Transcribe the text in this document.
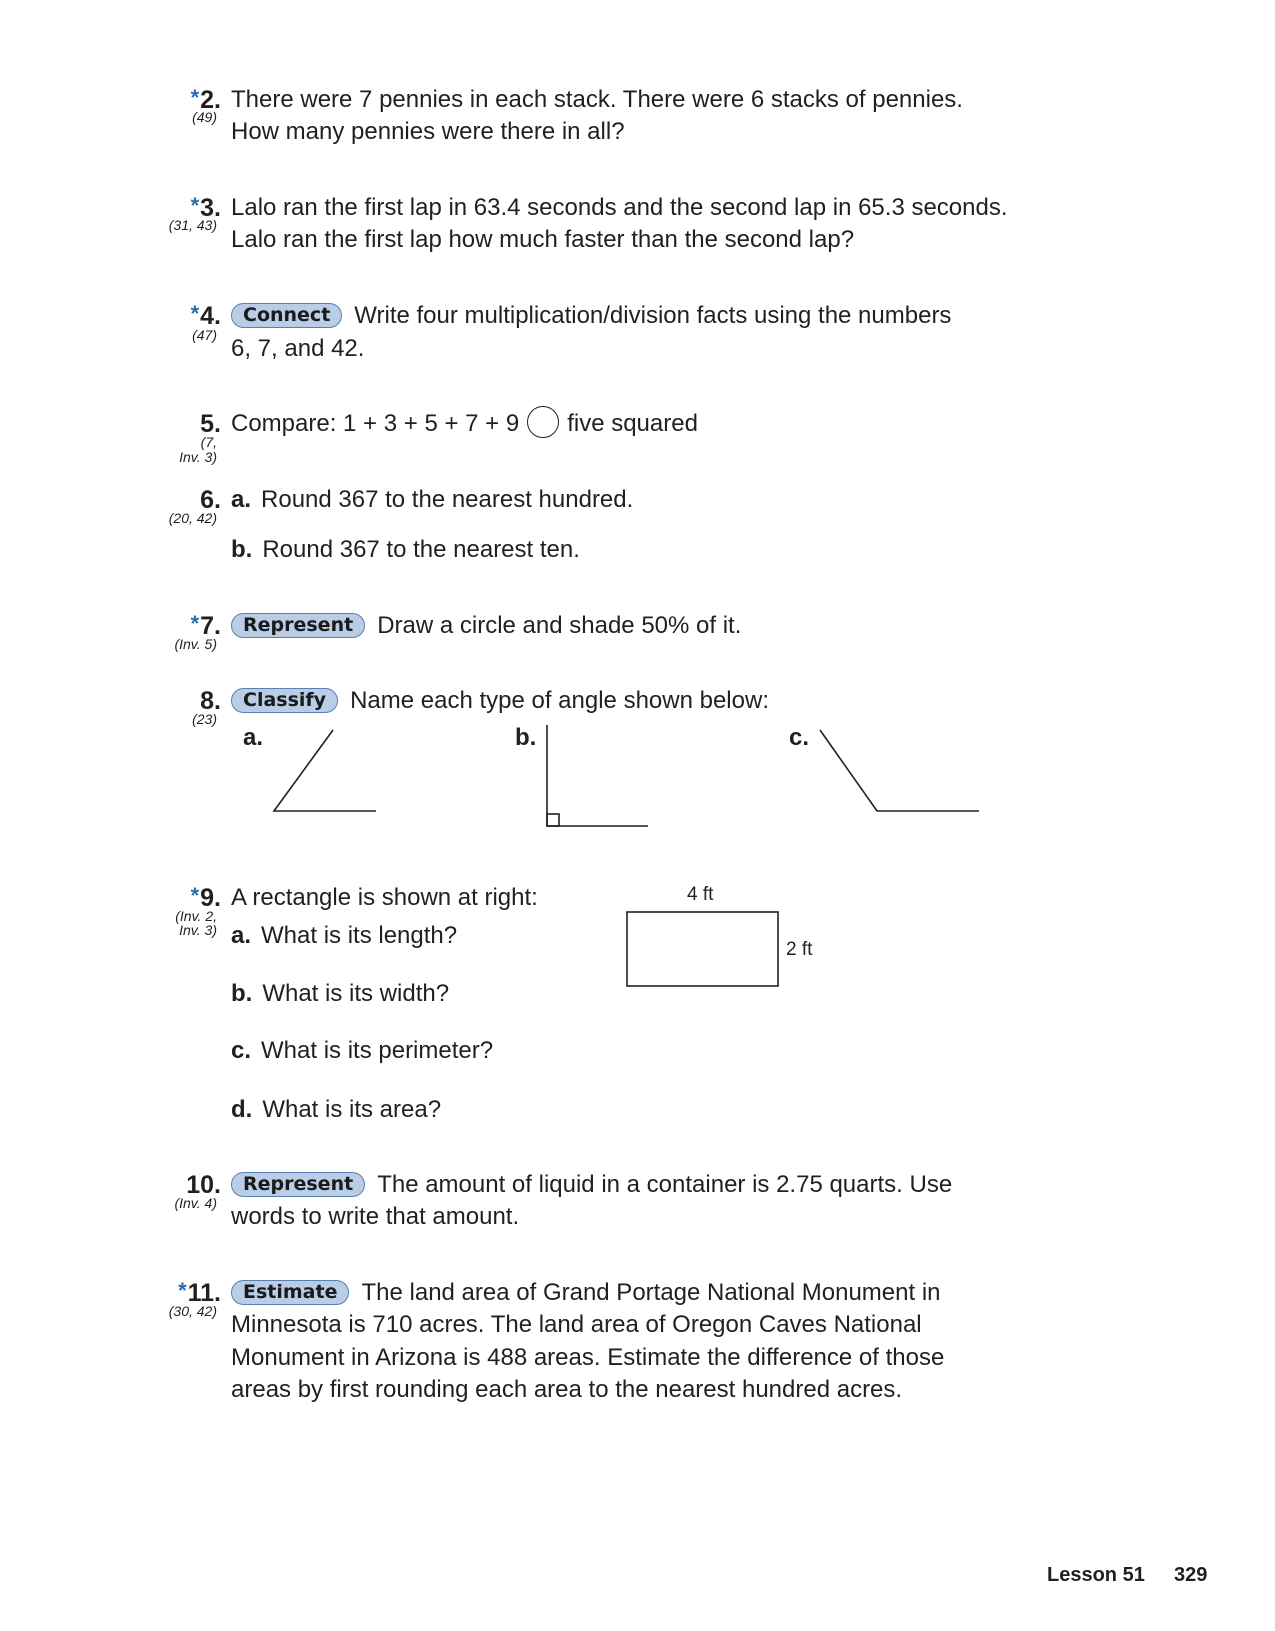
*2.
(49)
There were 7 pennies in each stack. There were 6 stacks of pennies.
How many pennies were there in all?
*3.
(31, 43)
Lalo ran the first lap in 63.4 seconds and the second lap in 65.3 seconds.
Lalo ran the first lap how much faster than the second lap?
*4.
(47)
Connect Write four multiplication/division facts using the numbers
6, 7, and 42.
5.
(7,
Inv. 3)
Compare: 1 + 3 + 5 + 7 + 9 five squared
6.
(20, 42)
a. Round 367 to the nearest hundred.
b. Round 367 to the nearest ten.
*7.
(Inv. 5)
Represent Draw a circle and shade 50% of it.
8.
(23)
Classify Name each type of angle shown below:
a.	b.	c.
*9.
(Inv. 2,
Inv. 3)
A rectangle is shown at right:
a. What is its length?
b. What is its width?
c. What is its perimeter?
d. What is its area?
4 ft
2 ft
10.
(Inv. 4)
Represent The amount of liquid in a container is 2.75 quarts. Use
words to write that amount.
*11.
(30, 42)
Estimate The land area of Grand Portage National Monument in
Minnesota is 710 acres. The land area of Oregon Caves National
Monument in Arizona is 488 areas. Estimate the difference of those
areas by first rounding each area to the nearest hundred acres.
Lesson 51 329
